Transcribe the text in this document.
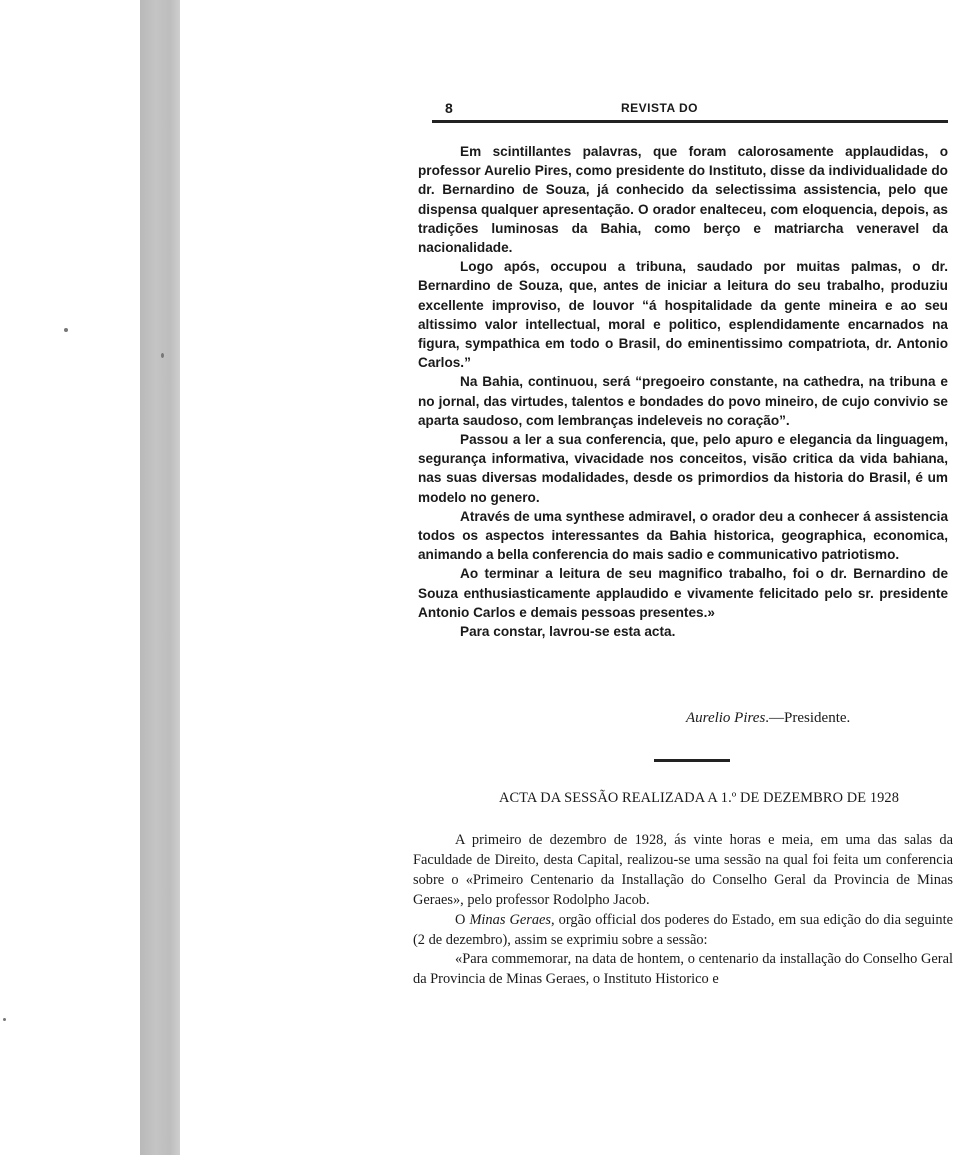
8	REVISTA DO

Em scintillantes palavras, que foram calorosamente applaudidas, o professor Aurelio Pires, como presidente do Instituto, disse da individualidade do dr. Bernardino de Souza, já conhecido da selectissima assistencia, pelo que dispensa qualquer apresentação. O orador enalteceu, com eloquencia, depois, as tradições luminosas da Bahia, como berço e matriarcha veneravel da nacionalidade.

Logo após, occupou a tribuna, saudado por muitas palmas, o dr. Bernardino de Souza, que, antes de iniciar a leitura do seu trabalho, produziu excellente improviso, de louvor “á hospitalidade da gente mineira e ao seu altissimo valor intellectual, moral e politico, esplendidamente encarnados na figura, sympathica em todo o Brasil, do eminentissimo compatriota, dr. Antonio Carlos.”

Na Bahia, continuou, será “pregoeiro constante, na cathedra, na tribuna e no jornal, das virtudes, talentos e bondades do povo mineiro, de cujo convivio se aparta saudoso, com lembranças indeleveis no coração”.

Passou a ler a sua conferencia, que, pelo apuro e elegancia da linguagem, segurança informativa, vivacidade nos conceitos, visão critica da vida bahiana, nas suas diversas modalidades, desde os primordios da historia do Brasil, é um modelo no genero.

Através de uma synthese admiravel, o orador deu a conhecer á assistencia todos os aspectos interessantes da Bahia historica, geographica, economica, animando a bella conferencia do mais sadio e communicativo patriotismo.

Ao terminar a leitura de seu magnifico trabalho, foi o dr. Bernardino de Souza enthusiasticamente applaudido e vivamente felicitado pelo sr. presidente Antonio Carlos e demais pessoas presentes.»

Para constar, lavrou-se esta acta.

Aurelio Pires.—Presidente.
ACTA DA SESSÃO REALIZADA A 1.º DE DEZEMBRO DE 1928

A primeiro de dezembro de 1928, ás vinte horas e meia, em uma das salas da Faculdade de Direito, desta Capital, realizou-se uma sessão na qual foi feita um conferencia sobre o «Primeiro Centenario da Installação do Conselho Geral da Provincia de Minas Geraes», pelo professor Rodolpho Jacob.

O Minas Geraes, orgão official dos poderes do Estado, em sua edição do dia seguinte (2 de dezembro), assim se exprimiu sobre a sessão:

«Para commemorar, na data de hontem, o centenario da installação do Conselho Geral da Provincia de Minas Geraes, o Instituto Historico e
